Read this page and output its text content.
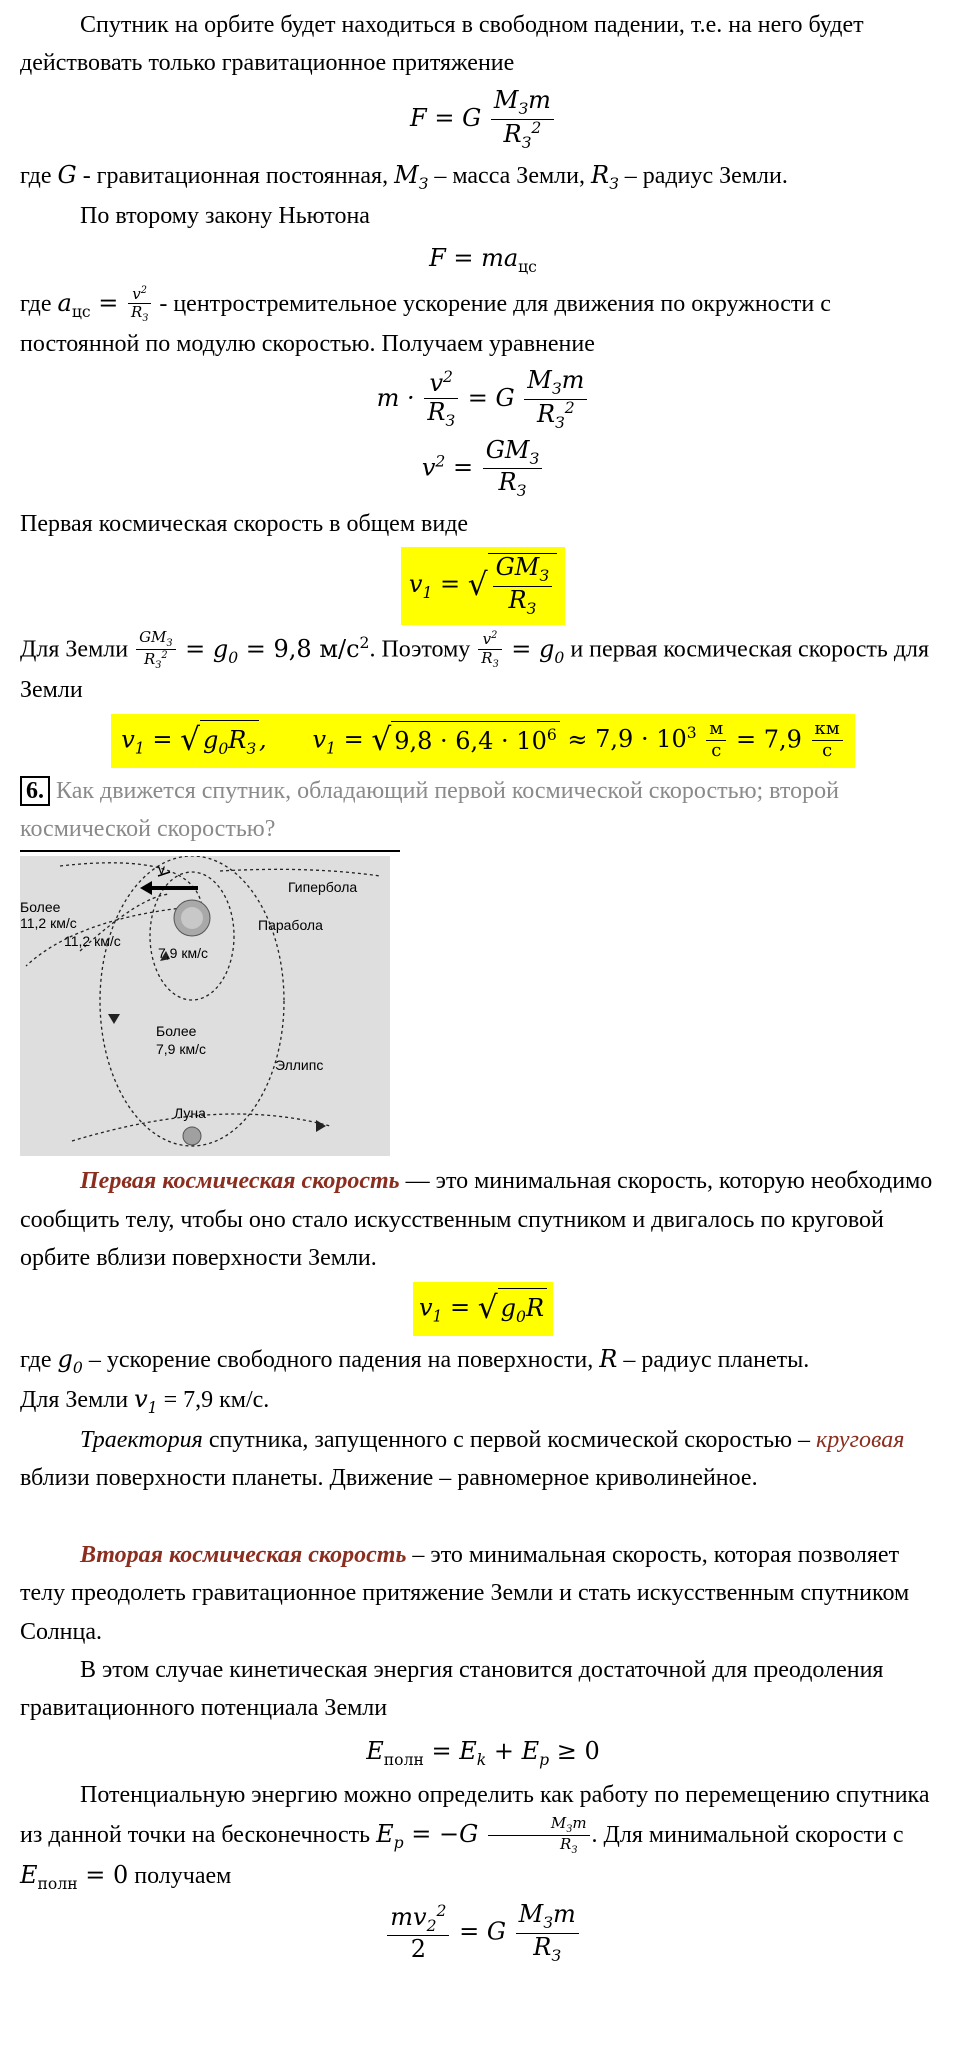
Спутник на орбите будет находиться в свободном падении, т.е. на него будет действовать только гравитационное притяжение

F = G $\frac{M_Зm}{R_З^2}$

где G - гравитационная постоянная, $M_З$ – масса Земли, $R_З$ – радиус Земли.

По второму закону Ньютона

$F = ma_{цс}$

где $a_{цс} = \frac{v^2}{R_З}$ - центростремительное ускорение для движения по окружности с постоянной по модулю скоростью. Получаем уравнение

$m \cdot \frac{v^2}{R_З} = G \frac{M_Зm}{R_З^2}$
$v^2 = \frac{GM_З}{R_З}$

Первая космическая скорость в общем виде

$v_1$ = √ $\frac{GM_З}{R_З}$

Для Земли $\frac{GM_З}{R_З^2} = g_0 = 9,8$ $м/с^2$. Поэтому $\frac{v^2}{R_З} = g_0$ и первая космическая скорость для Земли

$v_1$ = √ $g_0R_З$ ,      $v_1$ = √ $9,8 \cdot 6,4 \cdot 10^6 \approx 7,9 \cdot 10^3 \frac{м}{с} = 7,9 \frac{км}{с}$

6. Как движется спутник, обладающий первой космической скоростью; второй космической скоростью?

v
Гипербола
Парабола
Более
11,2 км/с
11,2 км/с
7,9 км/с
Более
7,9 км/с
Эллипс
Луна

Первая космическая скорость — это минимальная скорость, которую необходимо сообщить телу, чтобы оно стало искусственным спутником и двигалось по круговой орбите вблизи поверхности Земли.

$v_1$ = √ $g_0R$

где $g_0$ – ускорение свободного падения на поверхности, R – радиус планеты.

Для Земли $v_1 = 7,9$ км/с.

Траектория спутника, запущенного с первой космической скоростью – круговая вблизи поверхности планеты. Движение – равномерное криволинейное.

Вторая космическая скорость – это минимальная скорость, которая позволяет телу преодолеть гравитационное притяжение Земли и стать искусственным спутником Солнца.

В этом случае кинетическая энергия становится достаточной для преодоления гравитационного потенциала Земли

$E_{полн} = E_k + E_p \ge 0$

Потенциальную энергию можно определить как работу по перемещению спутника из данной точки на бесконечность $E_p = -G \frac{M_Зm}{R_З}$ . Для минимальной скорости с $E_{полн} = 0$ получаем

$\frac{mv_2^2}{2} = G \frac{M_Зm}{R_З}$
